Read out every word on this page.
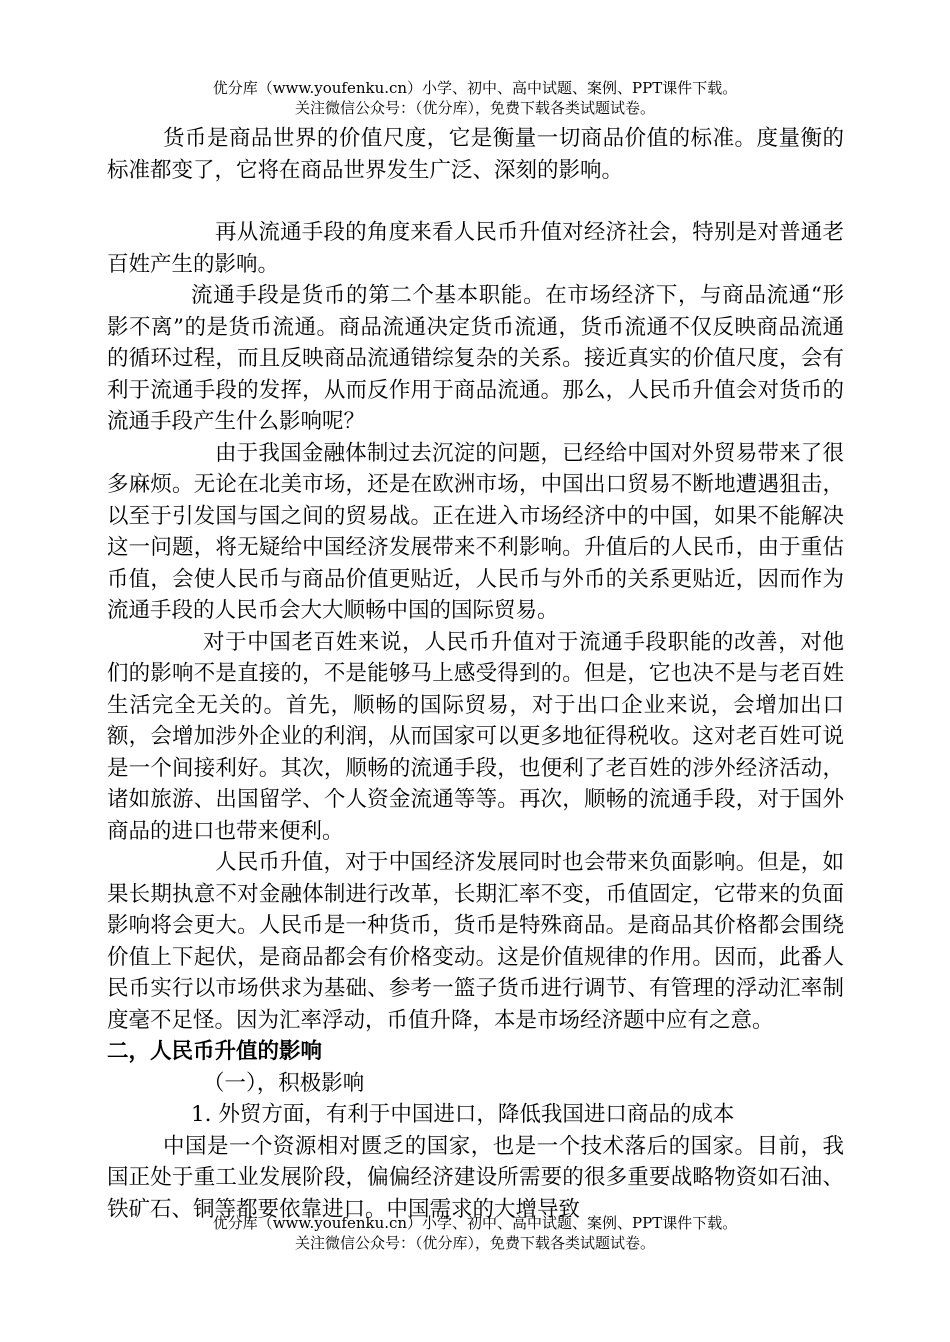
优分库（www.youfenku.cn）小学、初中、高中试题、案例、PPT课件下载。
关注微信公众号：（优分库），免费下载各类试题试卷。

货币是商品世界的价值尺度，它是衡量一切商品价值的标准。度量衡的标准都变了，它将在商品世界发生广泛、深刻的影响。

再从流通手段的角度来看人民币升值对经济社会，特别是对普通老百姓产生的影响。

流通手段是货币的第二个基本职能。在市场经济下，与商品流通“形影不离”的是货币流通。商品流通决定货币流通，货币流通不仅反映商品流通的循环过程，而且反映商品流通错综复杂的关系。接近真实的价值尺度，会有利于流通手段的发挥，从而反作用于商品流通。那么，人民币升值会对货币的流通手段产生什么影响呢？

由于我国金融体制过去沉淀的问题，已经给中国对外贸易带来了很多麻烦。无论在北美市场，还是在欧洲市场，中国出口贸易不断地遭遇狙击，以至于引发国与国之间的贸易战。正在进入市场经济中的中国，如果不能解决这一问题，将无疑给中国经济发展带来不利影响。升值后的人民币，由于重估币值，会使人民币与商品价值更贴近，人民币与外币的关系更贴近，因而作为流通手段的人民币会大大顺畅中国的国际贸易。

对于中国老百姓来说，人民币升值对于流通手段职能的改善，对他们的影响不是直接的，不是能够马上感受得到的。但是，它也决不是与老百姓生活完全无关的。首先，顺畅的国际贸易，对于出口企业来说，会增加出口额，会增加涉外企业的利润，从而国家可以更多地征得税收。这对老百姓可说是一个间接利好。其次，顺畅的流通手段，也便利了老百姓的涉外经济活动，诸如旅游、出国留学、个人资金流通等等。再次，顺畅的流通手段，对于国外商品的进口也带来便利。

人民币升值，对于中国经济发展同时也会带来负面影响。但是，如果长期执意不对金融体制进行改革，长期汇率不变，币值固定，它带来的负面影响将会更大。人民币是一种货币，货币是特殊商品。是商品其价格都会围绕价值上下起伏，是商品都会有价格变动。这是价值规律的作用。因而，此番人民币实行以市场供求为基础、参考一篮子货币进行调节、有管理的浮动汇率制度毫不足怪。因为汇率浮动，币值升降，本是市场经济题中应有之意。

二，人民币升值的影响

（一），积极影响

1. 外贸方面，有利于中国进口，降低我国进口商品的成本

中国是一个资源相对匮乏的国家，也是一个技术落后的国家。目前，我国正处于重工业发展阶段，偏偏经济建设所需要的很多重要战略物资如石油、铁矿石、铜等都要依靠进口。中国需求的大增导致

优分库（www.youfenku.cn）小学、初中、高中试题、案例、PPT课件下载。
关注微信公众号：（优分库），免费下载各类试题试卷。
